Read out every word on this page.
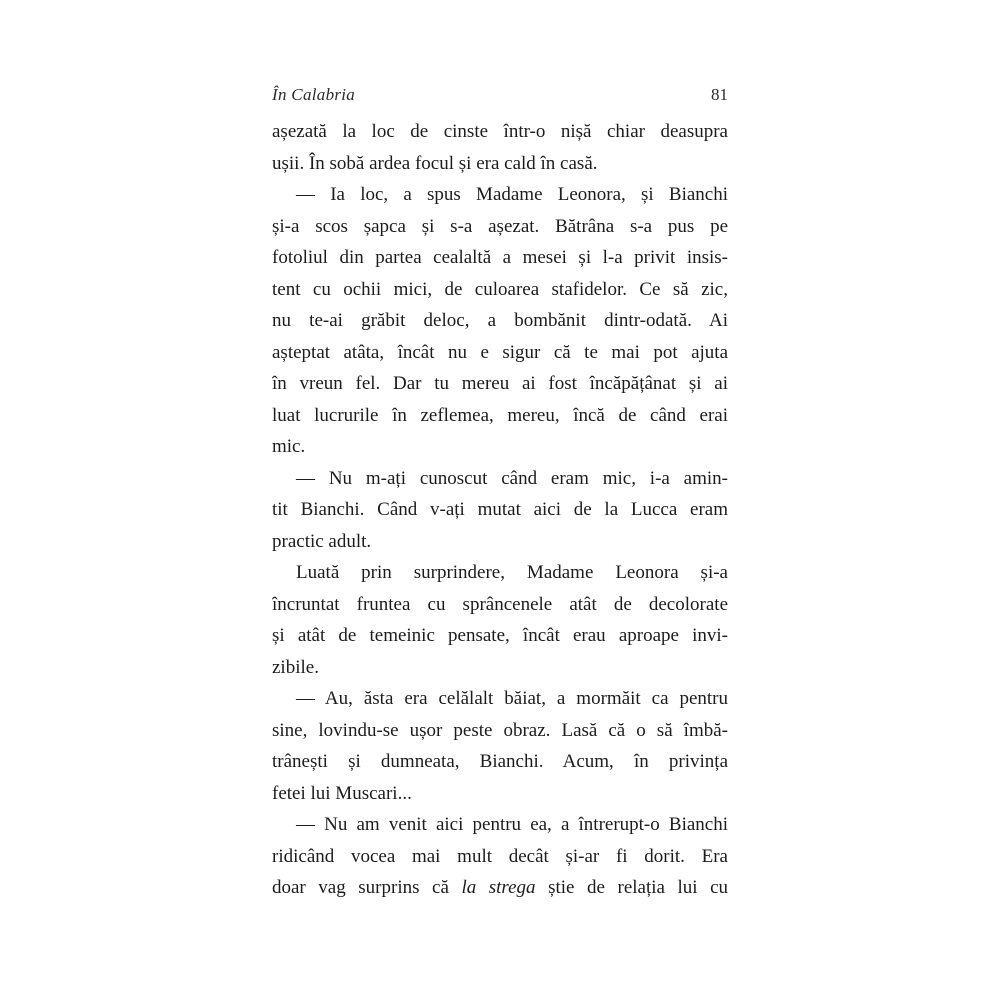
În Calabria	81
așezată la loc de cinste într-o nișă chiar deasupra
ușii. În sobă ardea focul și era cald în casă.
— Ia loc, a spus Madame Leonora, și Bianchi
și-a scos șapca și s-a așezat. Bătrâna s-a pus pe
fotoliul din partea cealaltă a mesei și l-a privit insis-
tent cu ochii mici, de culoarea stafidelor. Ce să zic,
nu te-ai grăbit deloc, a bombănit dintr-odată. Ai
așteptat atâta, încât nu e sigur că te mai pot ajuta
în vreun fel. Dar tu mereu ai fost încăpățânat și ai
luat lucrurile în zeflemea, mereu, încă de când erai
mic.
— Nu m-ați cunoscut când eram mic, i-a amin-
tit Bianchi. Când v-ați mutat aici de la Lucca eram
practic adult.
Luată prin surprindere, Madame Leonora și-a
încruntat fruntea cu sprâncenele atât de decolorate
și atât de temeinic pensate, încât erau aproape invi-
zibile.
— Au, ăsta era celălalt băiat, a mormăit ca pentru
sine, lovindu-se ușor peste obraz. Lasă că o să îmbă-
trânești și dumneata, Bianchi. Acum, în privința
fetei lui Muscari...
— Nu am venit aici pentru ea, a întrerupt-o Bianchi
ridicând vocea mai mult decât și-ar fi dorit. Era
doar vag surprins că la strega știe de relația lui cu
